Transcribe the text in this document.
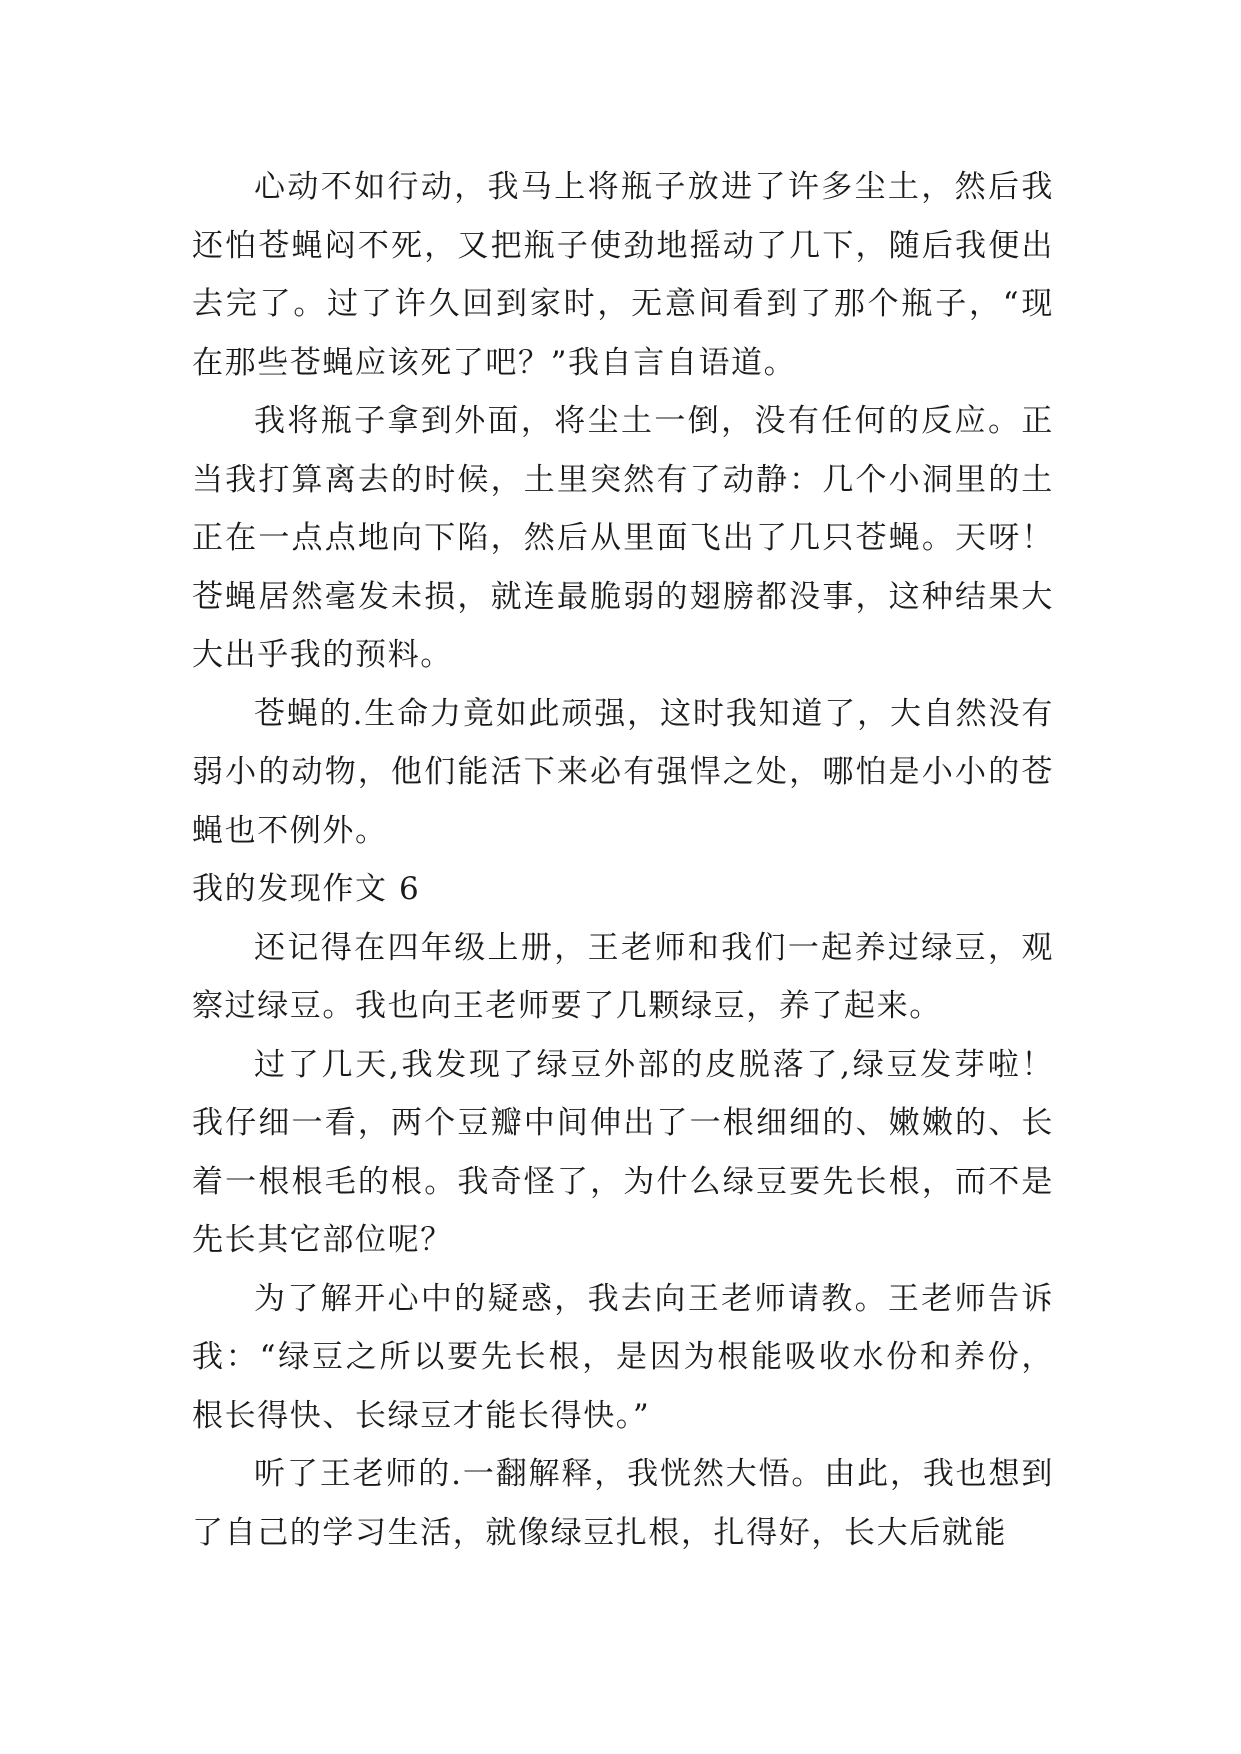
心动不如行动，我马上将瓶子放进了许多尘土，然后我还怕苍蝇闷不死，又把瓶子使劲地摇动了几下，随后我便出去完了。过了许久回到家时，无意间看到了那个瓶子，“现在那些苍蝇应该死了吧？”我自言自语道。

我将瓶子拿到外面，将尘土一倒，没有任何的反应。正当我打算离去的时候，土里突然有了动静：几个小洞里的土正在一点点地向下陷，然后从里面飞出了几只苍蝇。天呀！苍蝇居然毫发未损，就连最脆弱的翅膀都没事，这种结果大大出乎我的预料。

苍蝇的.生命力竟如此顽强，这时我知道了，大自然没有弱小的动物，他们能活下来必有强悍之处，哪怕是小小的苍蝇也不例外。

我的发现作文 6

还记得在四年级上册，王老师和我们一起养过绿豆，观察过绿豆。我也向王老师要了几颗绿豆，养了起来。

过了几天,我发现了绿豆外部的皮脱落了,绿豆发芽啦！我仔细一看，两个豆瓣中间伸出了一根细细的、嫩嫩的、长着一根根毛的根。我奇怪了，为什么绿豆要先长根，而不是先长其它部位呢？

为了解开心中的疑惑，我去向王老师请教。王老师告诉我：“绿豆之所以要先长根，是因为根能吸收水份和养份，根长得快、长绿豆才能长得快。”

听了王老师的.一翻解释，我恍然大悟。由此，我也想到了自己的学习生活，就像绿豆扎根，扎得好，长大后就能
